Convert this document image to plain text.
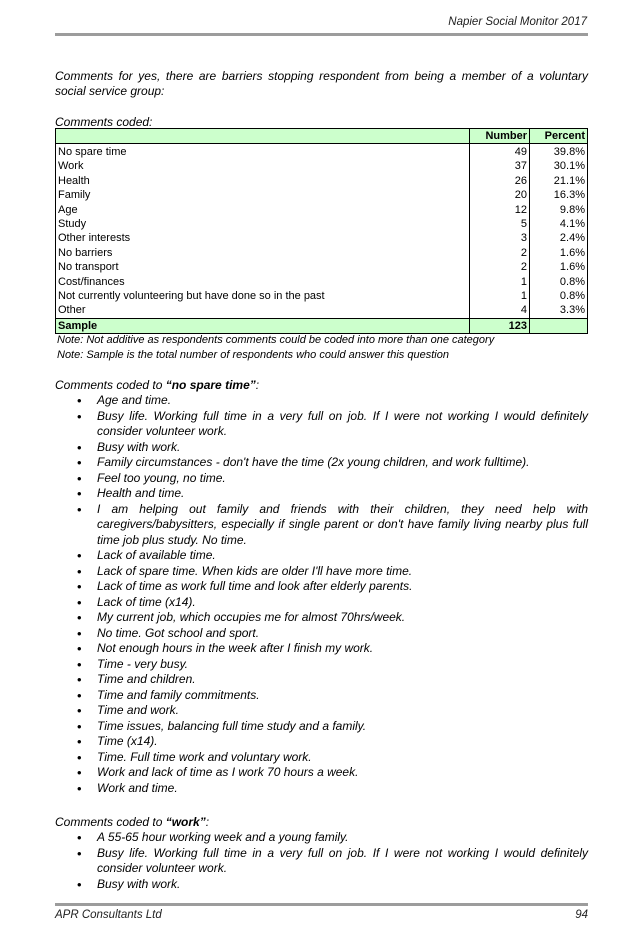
Napier Social Monitor 2017
Comments for yes, there are barriers stopping respondent from being a member of a voluntary social service group:
Comments coded:
	Number	Percent
No spare time	49	39.8%
Work	37	30.1%
Health	26	21.1%
Family	20	16.3%
Age	12	9.8%
Study	5	4.1%
Other interests	3	2.4%
No barriers	2	1.6%
No transport	2	1.6%
Cost/finances	1	0.8%
Not currently volunteering but have done so in the past	1	0.8%
Other	4	3.3%
Sample	123	
Note: Not additive as respondents comments could be coded into more than one category
Note: Sample is the total number of respondents who could answer this question
Comments coded to “no spare time”:
• Age and time.
• Busy life. Working full time in a very full on job. If I were not working I would definitely consider volunteer work.
• Busy with work.
• Family circumstances - don't have the time (2x young children, and work fulltime).
• Feel too young, no time.
• Health and time.
• I am helping out family and friends with their children, they need help with caregivers/babysitters, especially if single parent or don't have family living nearby plus full time job plus study. No time.
• Lack of available time.
• Lack of spare time. When kids are older I'll have more time.
• Lack of time as work full time and look after elderly parents.
• Lack of time (x14).
• My current job, which occupies me for almost 70hrs/week.
• No time. Got school and sport.
• Not enough hours in the week after I finish my work.
• Time - very busy.
• Time and children.
• Time and family commitments.
• Time and work.
• Time issues, balancing full time study and a family.
• Time (x14).
• Time. Full time work and voluntary work.
• Work and lack of time as I work 70 hours a week.
• Work and time.
Comments coded to “work”:
• A 55-65 hour working week and a young family.
• Busy life. Working full time in a very full on job. If I were not working I would definitely consider volunteer work.
• Busy with work.
APR Consultants Ltd	94
